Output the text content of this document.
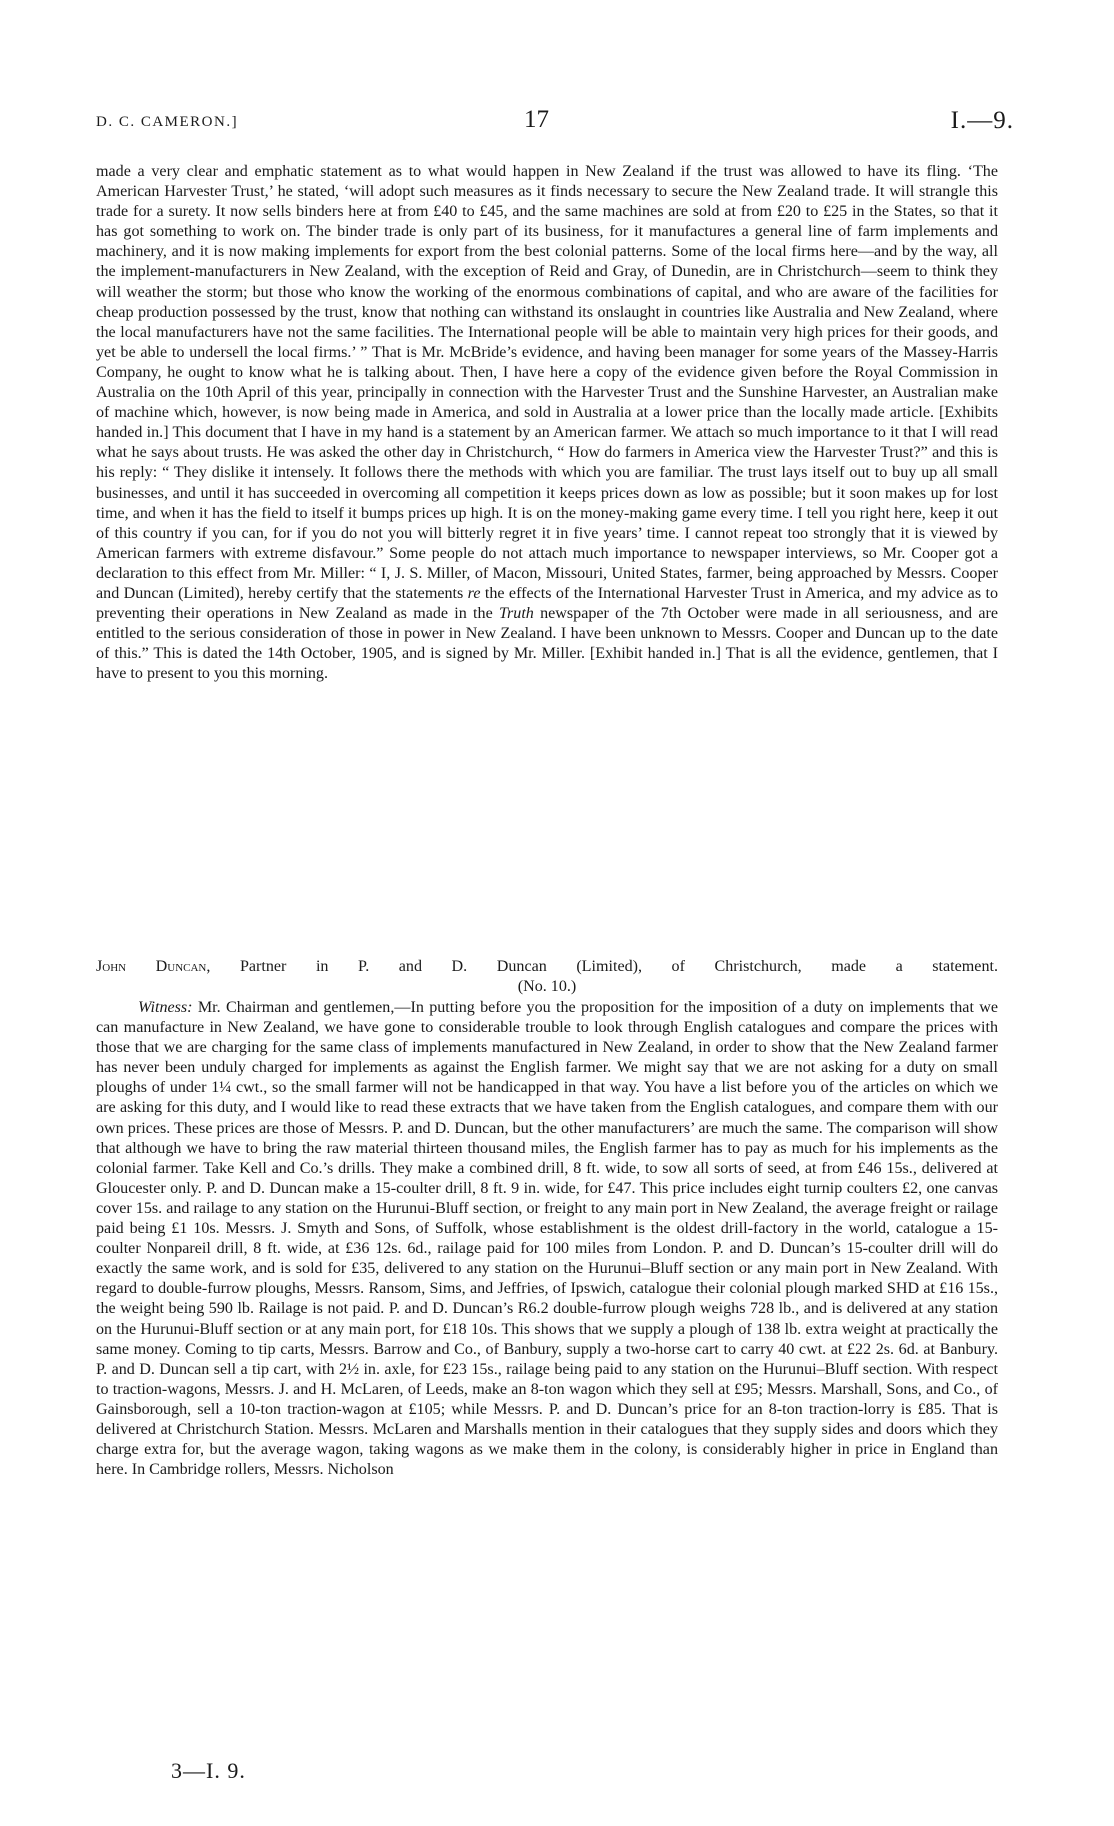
D. C. CAMERON.]	17	I.—9.

made a very clear and emphatic statement as to what would happen in New Zealand if the trust was allowed to have its fling. ‘The American Harvester Trust,’ he stated, ‘will adopt such measures as it finds necessary to secure the New Zealand trade. It will strangle this trade for a surety. It now sells binders here at from £40 to £45, and the same machines are sold at from £20 to £25 in the States, so that it has got something to work on. The binder trade is only part of its business, for it manufactures a general line of farm implements and machinery, and it is now making implements for export from the best colonial patterns. Some of the local firms here—and by the way, all the implement-manufacturers in New Zealand, with the exception of Reid and Gray, of Dunedin, are in Christchurch—seem to think they will weather the storm; but those who know the working of the enormous combinations of capital, and who are aware of the facilities for cheap production possessed by the trust, know that nothing can withstand its onslaught in countries like Australia and New Zealand, where the local manufacturers have not the same facilities. The International people will be able to maintain very high prices for their goods, and yet be able to undersell the local firms.’ ” That is Mr. McBride’s evidence, and having been manager for some years of the Massey-Harris Company, he ought to know what he is talking about. Then, I have here a copy of the evidence given before the Royal Commission in Australia on the 10th April of this year, principally in connection with the Harvester Trust and the Sunshine Harvester, an Australian make of machine which, however, is now being made in America, and sold in Australia at a lower price than the locally made article. [Exhibits handed in.] This document that I have in my hand is a statement by an American farmer. We attach so much importance to it that I will read what he says about trusts. He was asked the other day in Christchurch, “ How do farmers in America view the Harvester Trust?” and this is his reply: “ They dislike it intensely. It follows there the methods with which you are familiar. The trust lays itself out to buy up all small businesses, and until it has succeeded in overcoming all competition it keeps prices down as low as possible; but it soon makes up for lost time, and when it has the field to itself it bumps prices up high. It is on the money-making game every time. I tell you right here, keep it out of this country if you can, for if you do not you will bitterly regret it in five years’ time. I cannot repeat too strongly that it is viewed by American farmers with extreme disfavour.” Some people do not attach much importance to newspaper interviews, so Mr. Cooper got a declaration to this effect from Mr. Miller: “ I, J. S. Miller, of Macon, Missouri, United States, farmer, being approached by Messrs. Cooper and Duncan (Limited), hereby certify that the statements re the effects of the International Harvester Trust in America, and my advice as to preventing their operations in New Zealand as made in the Truth newspaper of the 7th October were made in all seriousness, and are entitled to the serious consideration of those in power in New Zealand. I have been unknown to Messrs. Cooper and Duncan up to the date of this.” This is dated the 14th October, 1905, and is signed by Mr. Miller. [Exhibit handed in.] That is all the evidence, gentlemen, that I have to present to you this morning.

John Duncan, Partner in P. and D. Duncan (Limited), of Christchurch, made a statement.
(No. 10.)

Witness: Mr. Chairman and gentlemen,—In putting before you the proposition for the imposition of a duty on implements that we can manufacture in New Zealand, we have gone to considerable trouble to look through English catalogues and compare the prices with those that we are charging for the same class of implements manufactured in New Zealand, in order to show that the New Zealand farmer has never been unduly charged for implements as against the English farmer. We might say that we are not asking for a duty on small ploughs of under 1¼ cwt., so the small farmer will not be handicapped in that way. You have a list before you of the articles on which we are asking for this duty, and I would like to read these extracts that we have taken from the English catalogues, and compare them with our own prices. These prices are those of Messrs. P. and D. Duncan, but the other manufacturers’ are much the same. The comparison will show that although we have to bring the raw material thirteen thousand miles, the English farmer has to pay as much for his implements as the colonial farmer. Take Kell and Co.’s drills. They make a combined drill, 8 ft. wide, to sow all sorts of seed, at from £46 15s., delivered at Gloucester only. P. and D. Duncan make a 15-coulter drill, 8 ft. 9 in. wide, for £47. This price includes eight turnip coulters £2, one canvas cover 15s. and railage to any station on the Hurunui-Bluff section, or freight to any main port in New Zealand, the average freight or railage paid being £1 10s. Messrs. J. Smyth and Sons, of Suffolk, whose establishment is the oldest drill-factory in the world, catalogue a 15-coulter Nonpareil drill, 8 ft. wide, at £36 12s. 6d., railage paid for 100 miles from London. P. and D. Duncan’s 15-coulter drill will do exactly the same work, and is sold for £35, delivered to any station on the Hurunui–Bluff section or any main port in New Zealand. With regard to double-furrow ploughs, Messrs. Ransom, Sims, and Jeffries, of Ipswich, catalogue their colonial plough marked SHD at £16 15s., the weight being 590 lb. Railage is not paid. P. and D. Duncan’s R6.2 double-furrow plough weighs 728 lb., and is delivered at any station on the Hurunui-Bluff section or at any main port, for £18 10s. This shows that we supply a plough of 138 lb. extra weight at practically the same money. Coming to tip carts, Messrs. Barrow and Co., of Banbury, supply a two-horse cart to carry 40 cwt. at £22 2s. 6d. at Banbury. P. and D. Duncan sell a tip cart, with 2½ in. axle, for £23 15s., railage being paid to any station on the Hurunui–Bluff section. With respect to traction-wagons, Messrs. J. and H. McLaren, of Leeds, make an 8-ton wagon which they sell at £95; Messrs. Marshall, Sons, and Co., of Gainsborough, sell a 10-ton traction-wagon at £105; while Messrs. P. and D. Duncan’s price for an 8-ton traction-lorry is £85. That is delivered at Christchurch Station. Messrs. McLaren and Marshalls mention in their catalogues that they supply sides and doors which they charge extra for, but the average wagon, taking wagons as we make them in the colony, is considerably higher in price in England than here. In Cambridge rollers, Messrs. Nicholson

3—I. 9.
